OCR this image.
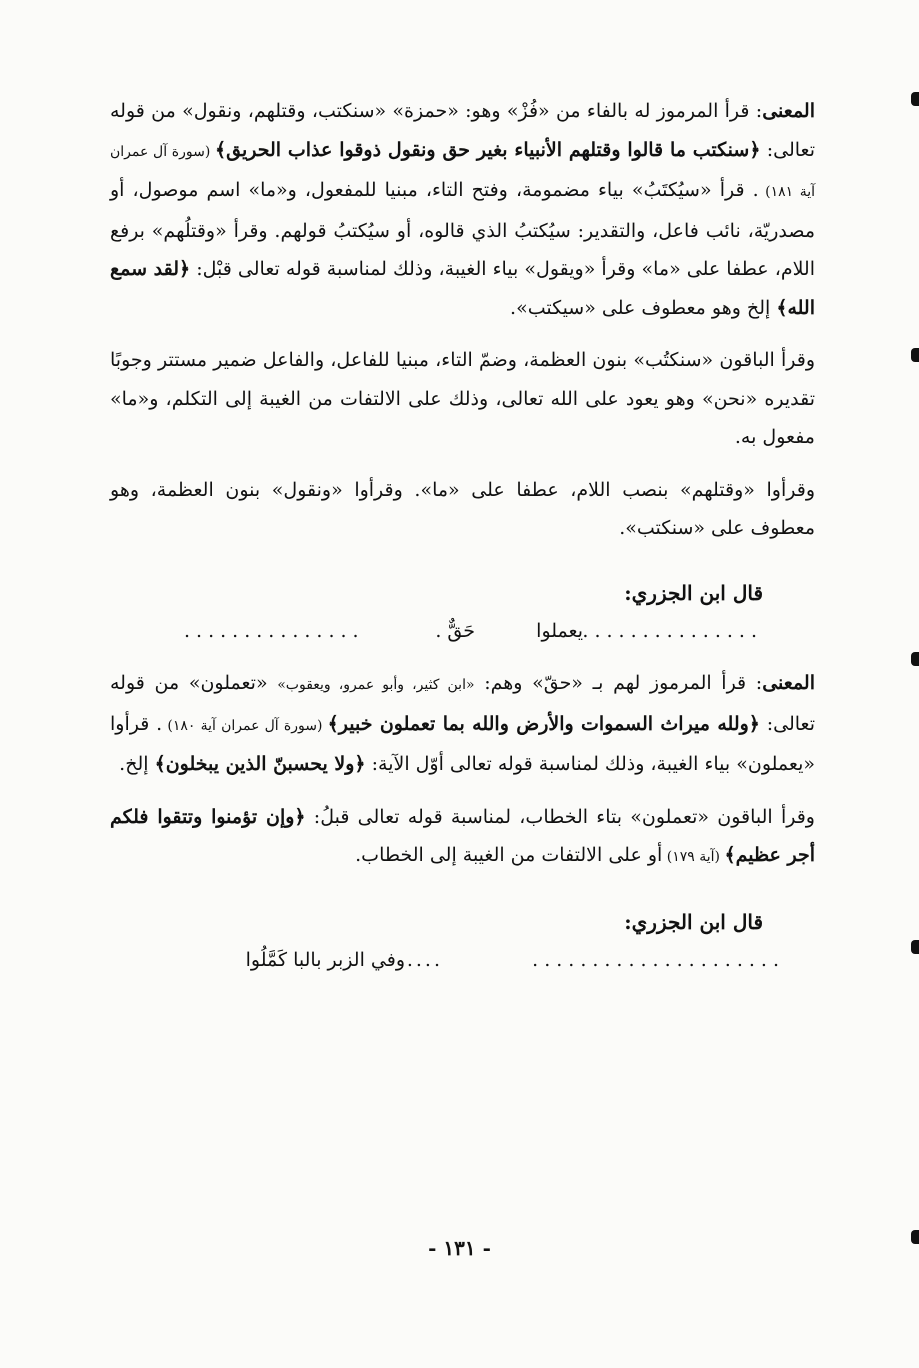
المعنى: قرأ المرموز له بالفاء من «فُزْ» وهو: «حمزة» «سنكتب، وقتلهم، ونقول» من قوله تعالى: ﴿سنكتب ما قالوا وقتلهم الأنبياء بغير حق ونقول ذوقوا عذاب الحريق﴾ (سورة آل عمران آية ١٨١) . قرأ «سيُكتَبُ» بياء مضمومة، وفتح التاء، مبنيا للمفعول، و«ما» اسم موصول، أو مصدريّة، نائب فاعل، والتقدير: سيُكتبُ الذي قالوه، أو سيُكتبُ قولهم. وقرأ «وقتلُهم» برفع اللام، عطفا على «ما» وقرأ «ويقول» بياء الغيبة، وذلك لمناسبة قوله تعالى قبْل: ﴿لقد سمع الله﴾ إلخ وهو معطوف على «سيكتب».

وقرأ الباقون «سنكتُب» بنون العظمة، وضمّ التاء، مبنيا للفاعل، والفاعل ضمير مستتر وجوبًا تقديره «نحن» وهو يعود على الله تعالى، وذلك على الالتفات من الغيبة إلى التكلم، و«ما» مفعول به.

وقرأوا «وقتلهم» بنصب اللام، عطفا على «ما». وقرأوا «ونقول» بنون العظمة، وهو معطوف على «سنكتب».

قال ابن الجزري:

...............
يعملوا
حَقٌّ .
...............

المعنى: قرأ المرموز لهم بـ «حقّ» وهم: «ابن كثير، وأبو عمرو، ويعقوب» «تعملون» من قوله تعالى: ﴿ولله ميراث السموات والأرض والله بما تعملون خبير﴾ (سورة آل عمران آية ١٨٠) . قرأوا «يعملون» بياء الغيبة، وذلك لمناسبة قوله تعالى أوّل الآية: ﴿ولا يحسبنّ الذين يبخلون﴾ إلخ.

وقرأ الباقون «تعملون» بتاء الخطاب، لمناسبة قوله تعالى قبلُ: ﴿وإن تؤمنوا وتتقوا فلكم أجر عظيم﴾ (آية ١٧٩) أو على الالتفات من الغيبة إلى الخطاب.

قال ابن الجزري:

.....................
....
وفي الزبر بالبا كَمَّلُوا
- ١٣١ -
